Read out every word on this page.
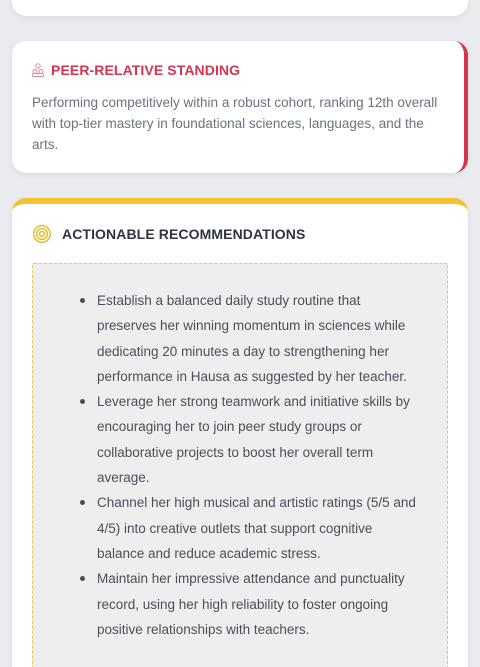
PEER-RELATIVE STANDING

Performing competitively within a robust cohort, ranking 12th overall with top-tier mastery in foundational sciences, languages, and the arts.

ACTIONABLE RECOMMENDATIONS
Establish a balanced daily study routine that preserves her winning momentum in sciences while dedicating 20 minutes a day to strengthening her performance in Hausa as suggested by her teacher.
Leverage her strong teamwork and initiative skills by encouraging her to join peer study groups or collaborative projects to boost her overall term average.
Channel her high musical and artistic ratings (5/5 and 4/5) into creative outlets that support cognitive balance and reduce academic stress.
Maintain her impressive attendance and punctuality record, using her high reliability to foster ongoing positive relationships with teachers.
